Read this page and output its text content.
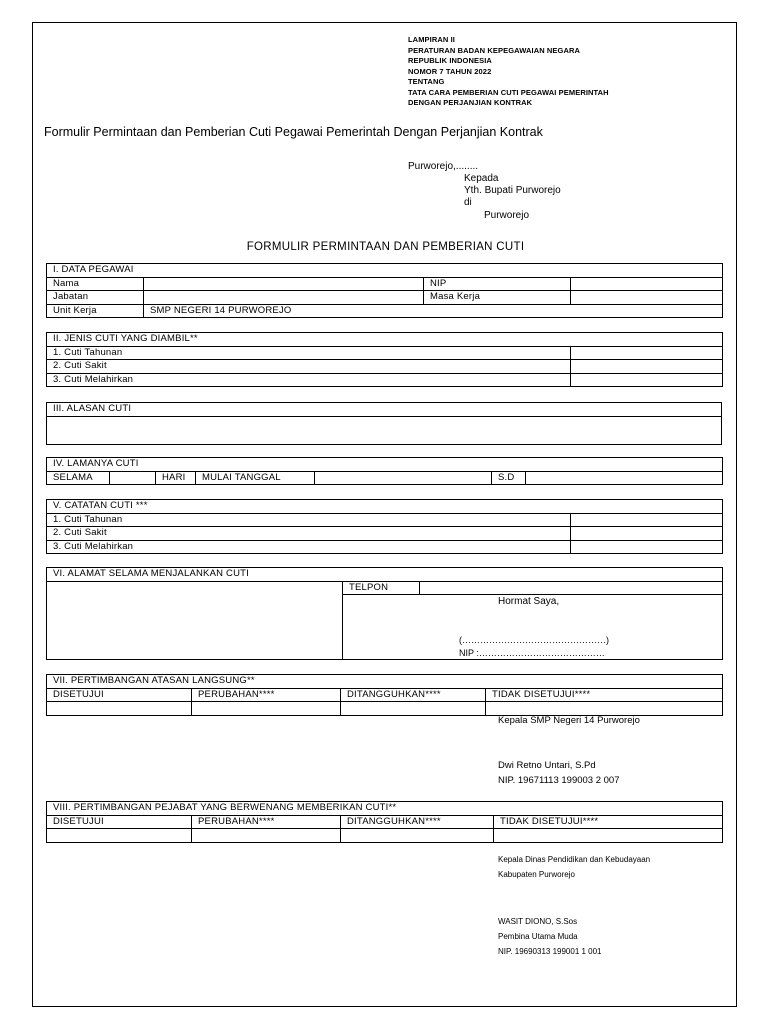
LAMPIRAN II
PERATURAN BADAN KEPEGAWAIAN NEGARA
REPUBLIK INDONESIA
NOMOR 7 TAHUN 2022
TENTANG
TATA CARA PEMBERIAN CUTI PEGAWAI PEMERINTAH
DENGAN PERJANJIAN KONTRAK
Formulir Permintaan dan Pemberian Cuti Pegawai Pemerintah Dengan Perjanjian Kontrak
Purworejo,........
Kepada
Yth. Bupati Purworejo
di
Purworejo
FORMULIR PERMINTAAN DAN PEMBERIAN CUTI
I. DATA PEGAWAI			
Nama		NIP	
Jabatan		Masa Kerja	
Unit Kerja	SMP NEGERI 14 PURWOREJO		
II. JENIS CUTI YANG DIAMBIL**	
1. Cuti Tahunan	
2. Cuti Sakit	
3. Cuti Melahirkan	
III. ALASAN CUTI

IV. LAMANYA CUTI
SELAMA		HARI	MULAI TANGGAL		S.D	
V. CATATAN CUTI ***	
1. Cuti Tahunan	
2. Cuti Sakit	
3. Cuti Melahirkan	
VI. ALAMAT SELAMA MENJALANKAN CUTI
	TELPON	

Hormat Saya,
(…………………………………………)
NIP :……………………………………
VII. PERTIMBANGAN ATASAN LANGSUNG**			
DISETUJUI	PERUBAHAN****	DITANGGUHKAN****	TIDAK DISETUJUI****

Kepala SMP Negeri 14 Purworejo
Dwi Retno Untari, S.Pd
NIP. 19671113 199003 2 007
VIII. PERTIMBANGAN PEJABAT YANG BERWENANG MEMBERIKAN CUTI**			
DISETUJUI	PERUBAHAN****	DITANGGUHKAN****	TIDAK DISETUJUI****

Kepala Dinas Pendidikan dan Kebudayaan
Kabupaten Purworejo
WASIT DIONO, S.Sos
Pembina Utama Muda
NIP. 19690313 199001 1 001
